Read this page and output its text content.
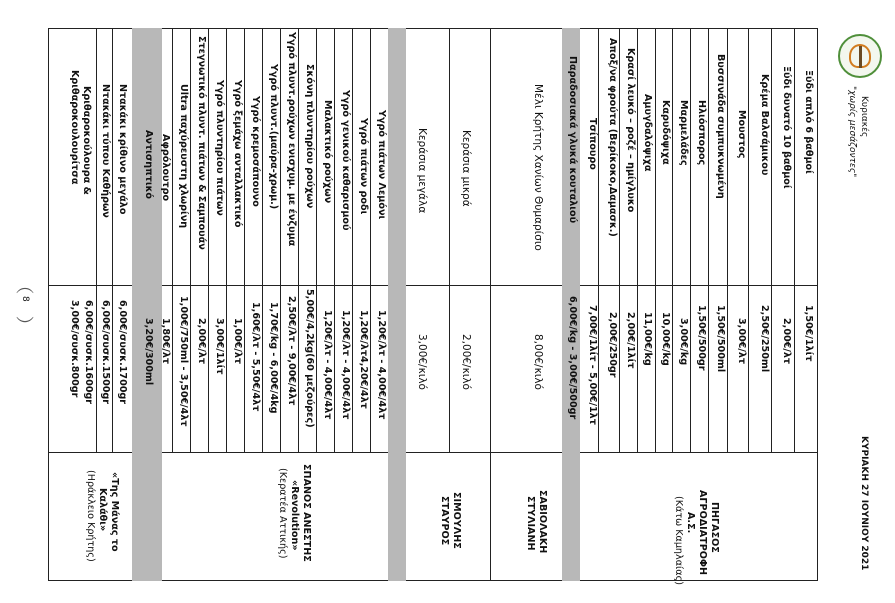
Κυριακές
"χωρίς μεσάζοντες"
ΚΥΡΙΑΚΗ 27 ΙΟΥΝΙΟΥ 2021
Ξύδι απλό 6 βαθμοί
1,50€/1λίτ
Ξύδι δυνατό 10 βαθμοί
2,00€/λτ
Κρέμα Βαλσάμικου
2,50€/250ml
Μουστος
3,00€/λτ
Βυσσινάδα συμπυκνωμένη
1,50€/500ml
Ηλιόσπορος
1,50€/500gr
Μαρμελάδες
3,00€/kg
Καρυδόψιχα
10,00€/kg
Αμυγδαλόψιχα
11,00€/kg
Κρασί λευκό – ροζέ – ημίγλυκο
2,00€/1λίτ
Αποξ/να φρούτα (Βερίκοκο,Δαμασκ.)
2,00€/250gr
Τσίπουρο
7,00€/1λίτ - 5,00€/1λτ
Παραδοσιακά γλυκά κουταλιού
6,00€/kg - 3,00€/500gr
ΠΗΓΑΣΟΣ
ΑΓΡΟΔΙΑΤΡΟΦΗ
Α.Σ.
(Κάτω Καμηλαίας)
Μέλι Κρήτης Χανίων Θυμαρίσιο
8,00€/κιλό
ΣΑΒΙΟΛΑΚΗ
ΣΤΥΛΙΑΝΗ
Κεράσια μικρά
2,00€/κιλό
Κεράσια μεγάλα
3,00€/κιλό
ΣΙΜΟΥΛΗΣ
ΣΤΑΥΡΟΣ
Υγρό πιάτων Λεμόνι
1,20€/λτ - 4,00€/4λτ
Υγρό πιάτων ροδι
1,20€/λτ4,20€/4λτ
Υγρό γενικού καθαρισμού
1,20€/λτ - 4,00€/4λτ
Μαλακτικό ρούχων
1,20€/λτ - 4,00€/4λτ
Σκόνη πλυντηρίου ρούχων
5,00€/4,2kg(60 μεζούρες)
Υγρό πλυντ.ρούχων ενισχυμ. με ένζυμα
2,50€/λτ - 9,00€/4λτ
Υγρό πλυντ.(μαύρα-χρωμ.)
1,70€/kg - 6,00€/4kg
Υγρό κρεμοσάπουνο
1,60€/λτ - 5,50€/4λτ
Υγρό ξεμάχω ανταλλακτικό
1,00€/λτ
Υγρό πλυντηρίου πιάτων
3,00€/1λίτ
Στεγνωτικό πλυντ. πιάτων & Σαμπουάν
2,00€/λτ
Ultra παχύρευστη χλωρίνη
1,00€/750ml - 3,50€/4λτ
Αφρόλουτρο
1,80€/λτ
Αντισηπτικό
3,20€/300ml
ΣΠΑΝΟΣ ΑΝΕΣΤΗΣ
«Revolution»
(Κερατέα Αττικής)
Ντακάκι κρίθινο μεγάλο
6,00€/συσκ.1700gr
Ντακάκι τύπου Καθήρων
6,00€/συσκ.1500gr
Κριθαροκούλουρα &
6,00€/συσκ.1600gr
Κριθαροκουλουρίτσα
3,00€/συσκ.800gr
«Της Μάνας το
Καλάθι»
(Ηράκλειο Κρήτης)
︵
8
︶
